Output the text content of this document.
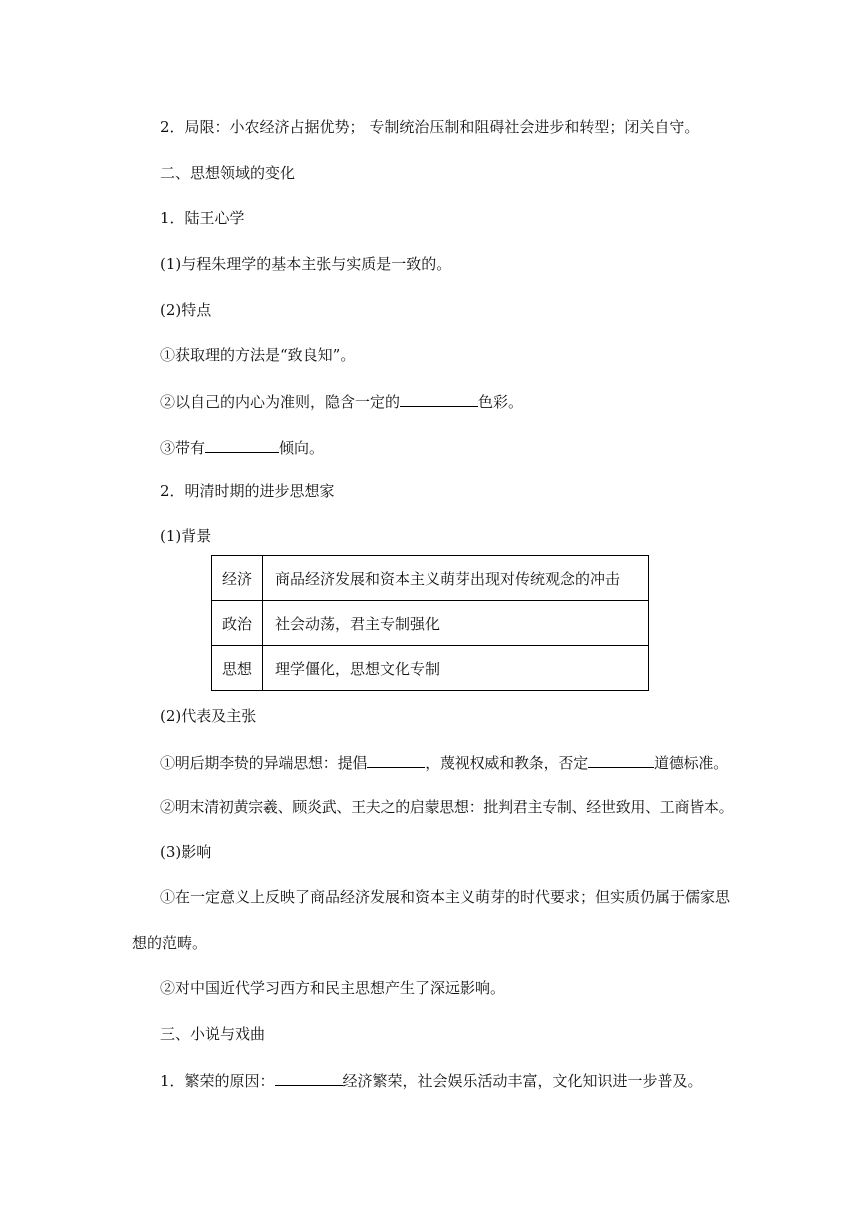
2．局限：小农经济占据优势； 专制统治压制和阻碍社会进步和转型；闭关自守。
二、思想领域的变化
1．陆王心学
(1)与程朱理学的基本主张与实质是一致的。
(2)特点
①获取理的方法是“致良知”。
②以自己的内心为准则，隐含一定的	色彩。
③带有	倾向。
2．明清时期的进步思想家
(1)背景
经济	商品经济发展和资本主义萌芽出现对传统观念的冲击
政治	社会动荡，君主专制强化
思想	理学僵化，思想文化专制
(2)代表及主张
①明后期李贽的异端思想：提倡	，蔑视权威和教条，否定	道德标准。
②明末清初黄宗羲、顾炎武、王夫之的启蒙思想：批判君主专制、经世致用、工商皆本。
(3)影响
①在一定意义上反映了商品经济发展和资本主义萌芽的时代要求；但实质仍属于儒家思
想的范畴。
②对中国近代学习西方和民主思想产生了深远影响。
三、小说与戏曲
1．繁荣的原因：	经济繁荣，社会娱乐活动丰富，文化知识进一步普及。
